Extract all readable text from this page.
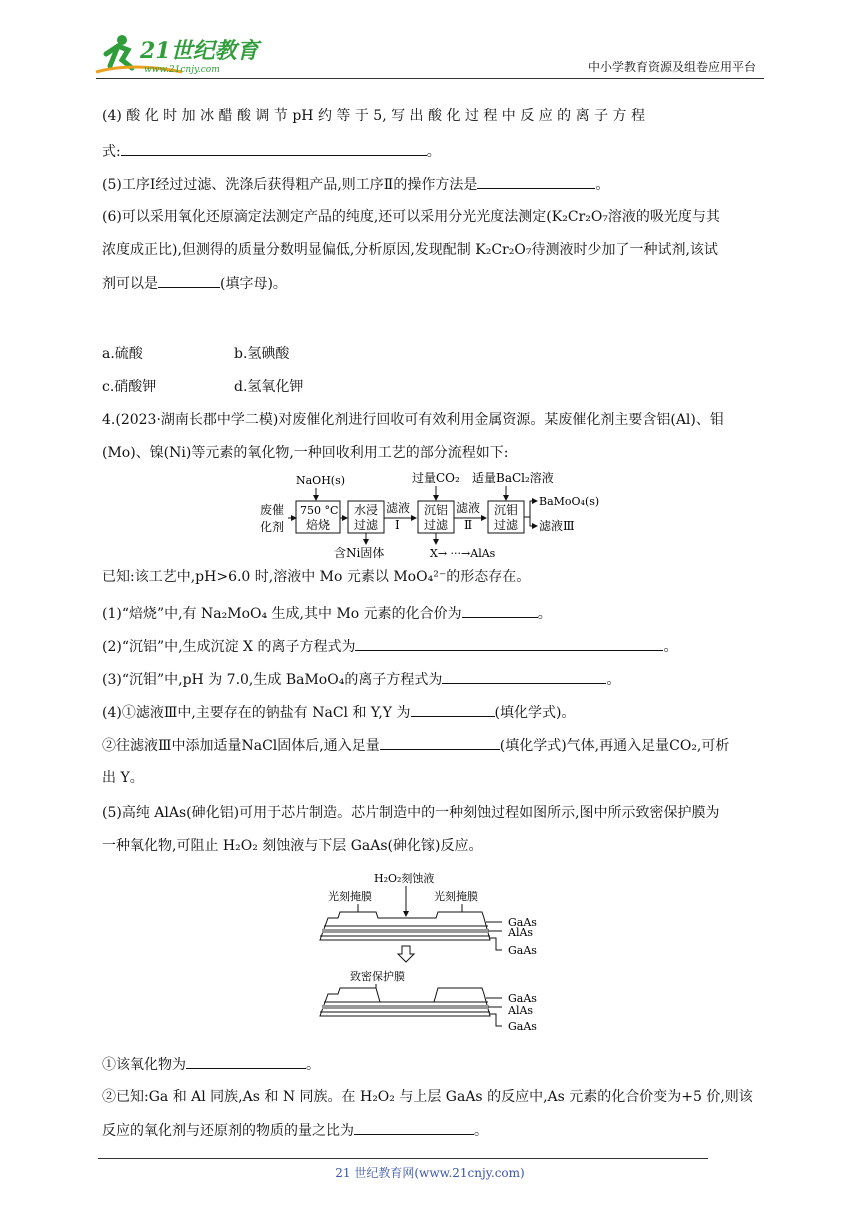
21世纪教育
www.21cnjy.com	中小学教育资源及组卷应用平台
(4) 酸 化 时 加 冰 醋 酸 调 节 pH 约 等 于 5, 写 出 酸 化 过 程 中 反 应 的 离 子 方 程
式:	。
(5)工序Ⅰ经过过滤、洗涤后获得粗产品,则工序Ⅱ的操作方法是	。
(6)可以采用氧化还原滴定法测定产品的纯度,还可以采用分光光度法测定(K₂Cr₂O₇溶液的吸光度与其
浓度成正比),但测得的质量分数明显偏低,分析原因,发现配制 K₂Cr₂O₇待测液时少加了一种试剂,该试
剂可以是	(填字母)。
a.硫酸	b.氢碘酸
c.硝酸钾	d.氢氧化钾
4.(2023·湖南长郡中学二模)对废催化剂进行回收可有效利用金属资源。某废催化剂主要含铝(Al)、钼
(Mo)、镍(Ni)等元素的氧化物,一种回收利用工艺的部分流程如下:
废催
化剂
NaOH(s)
750 °C
焙烧
水浸
过滤
含Ni固体
滤液
Ⅰ
过量CO₂
沉铝
过滤
X→ ···→AlAs
滤液
Ⅱ
适量BaCl₂溶液
沉钼
过滤
BaMoO₄(s)
滤液Ⅲ
已知:该工艺中,pH>6.0 时,溶液中 Mo 元素以 MoO₄²⁻的形态存在。
(1)“焙烧”中,有 Na₂MoO₄ 生成,其中 Mo 元素的化合价为	。
(2)“沉铝”中,生成沉淀 X 的离子方程式为	。
(3)“沉钼”中,pH 为 7.0,生成 BaMoO₄的离子方程式为	。
(4)①滤液Ⅲ中,主要存在的钠盐有 NaCl 和 Y,Y 为	(填化学式)。
②往滤液Ⅲ中添加适量NaCl固体后,通入足量	(填化学式)气体,再通入足量CO₂,可析
出 Y。
(5)高纯 AlAs(砷化铝)可用于芯片制造。芯片制造中的一种刻蚀过程如图所示,图中所示致密保护膜为
一种氧化物,可阻止 H₂O₂ 刻蚀液与下层 GaAs(砷化镓)反应。
H₂O₂刻蚀液
光刻掩膜	光刻掩膜
GaAs
AlAs
GaAs
致密保护膜
GaAs
AlAs
GaAs
①该氧化物为	。
②已知:Ga 和 Al 同族,As 和 N 同族。在 H₂O₂ 与上层 GaAs 的反应中,As 元素的化合价变为+5 价,则该
反应的氧化剂与还原剂的物质的量之比为	。
21 世纪教育网(www.21cnjy.com)
